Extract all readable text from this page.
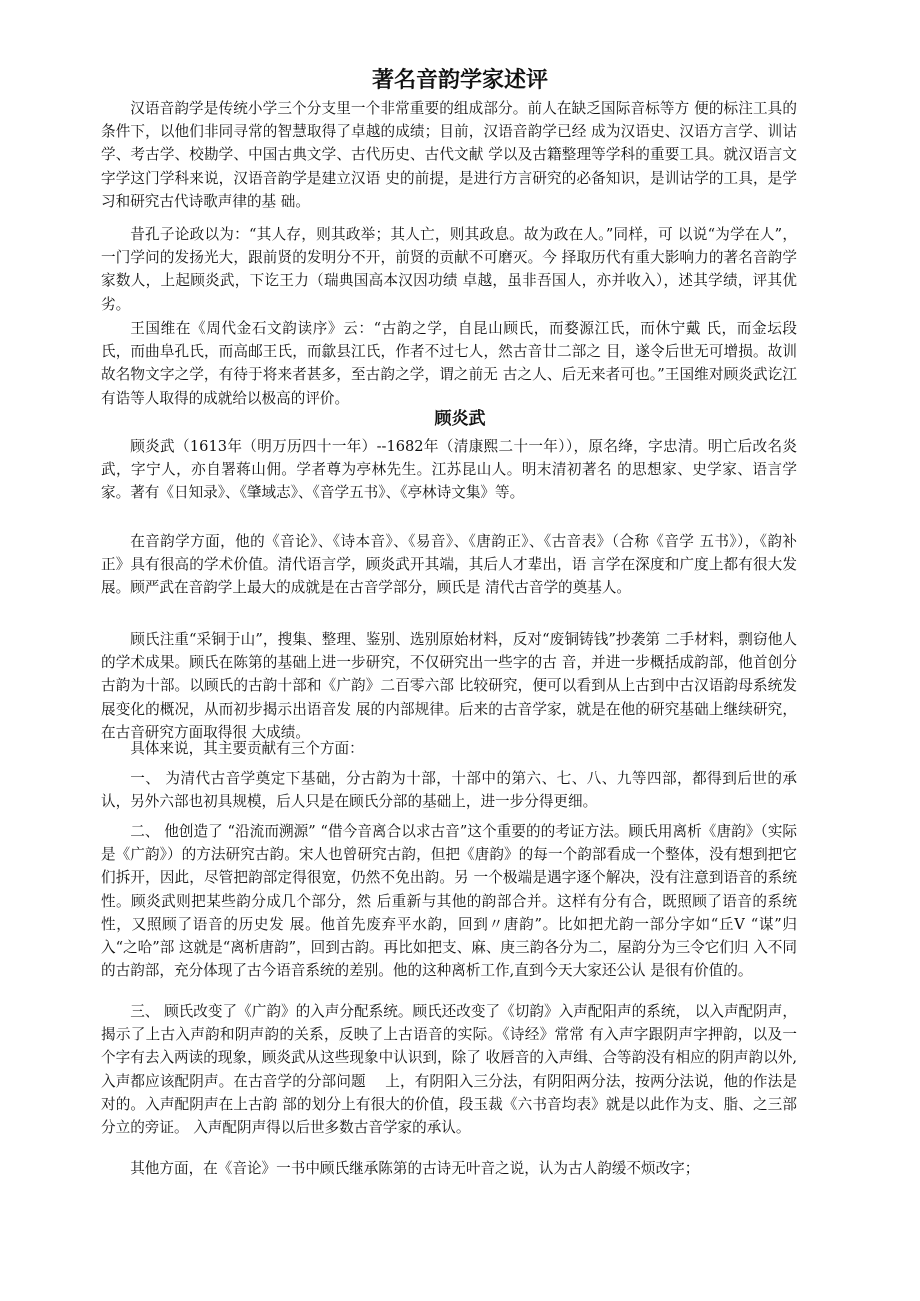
著名音韵学家述评

汉语音韵学是传统小学三个分支里一个非常重要的组成部分。前人在缺乏国际音标等方 便的标注工具的条件下，以他们非同寻常的智慧取得了卓越的成绩；目前，汉语音韵学已经 成为汉语史、汉语方言学、训诂学、考古学、校勘学、中国古典文学、古代历史、古代文献 学以及古籍整理等学科的重要工具。就汉语言文字学这门学科来说，汉语音韵学是建立汉语 史的前提，是进行方言研究的必备知识，是训诂学的工具，是学习和研究古代诗歌声律的基 础。

昔孔子论政以为：“其人存，则其政举；其人亡，则其政息。故为政在人。”同样，可 以说“为学在人”，一门学问的发扬光大，跟前贤的发明分不开，前贤的贡献不可磨灭。今 择取历代有重大影响力的著名音韵学家数人，上起顾炎武，下讫王力（瑞典国高本汉因功绩 卓越，虽非吾国人，亦并收入），述其学绩，评其优劣。

王国维在《周代金石文韵读序》云：“古韵之学，自昆山顾氏，而婺源江氏，而休宁戴 氏，而金坛段氏，而曲阜孔氏，而高邮王氏，而歙县江氏，作者不过七人，然古音廿二部之 目，遂令后世无可增损。故训故名物文字之学，有待于将来者甚多，至古韵之学，谓之前无 古之人、后无来者可也。”王国维对顾炎武讫江有诰等人取得的成就给以极高的评价。

顾炎武

顾炎武（1613年（明万历四十一年）--1682年（清康熙二十一年）），原名绛，字忠清。明亡后改名炎武，字宁人，亦自署蒋山佣。学者尊为亭林先生。江苏昆山人。明末清初著名 的思想家、史学家、语言学家。著有《日知录》、《肇域志》、《音学五书》、《亭林诗文集》等。

在音韵学方面，他的《音论》、《诗本音》、《易音》、《唐韵正》、《古音表》（合称《音学 五书》），《韵补正》具有很高的学术价值。清代语言学，顾炎武开其端，其后人才辈出，语 言学在深度和广度上都有很大发展。顾严武在音韵学上最大的成就是在古音学部分，顾氏是 清代古音学的奠基人。

顾氏注重“采铜于山”，搜集、整理、鉴别、选别原始材料，反对“废铜铸钱”抄袭第 二手材料，剽窃他人的学术成果。顾氏在陈第的基础上进一步研究，不仅研究出一些字的古 音，并进一步概括成韵部，他首创分古韵为十部。以顾氏的古韵十部和《广韵》二百零六部 比较研究，便可以看到从上古到中古汉语韵母系统发展变化的概况，从而初步揭示出语音发 展的内部规律。后来的古音学家，就是在他的研究基础上继续研究，在古音研究方面取得很 大成绩。

具体来说，其主要贡献有三个方面：

一、 为清代古音学奠定下基础，分古韵为十部，十部中的第六、七、八、九等四部，都得到后世的承认，另外六部也初具规模，后人只是在顾氏分部的基础上，进一步分得更细。

二、 他创造了 “沿流而溯源” “借今音离合以求古音”这个重要的的考证方法。顾氏用离析《唐韵》（实际是《广韵》）的方法研究古韵。宋人也曾研究古韵，但把《唐韵》的每一个韵部看成一个整体，没有想到把它们拆开，因此，尽管把韵部定得很宽，仍然不免出韵。另 一个极端是遇字逐个解决，没有注意到语音的系统性。顾炎武则把某些韵分成几个部分，然 后重新与其他的韵部合并。这样有分有合，既照顾了语音的系统性，又照顾了语音的历史发 展。他首先废弃平水韵，回到〃唐韵”。比如把尤韵一部分字如“丘Ⅴ “谋”归入“之哈”部 这就是“离析唐韵”，回到古韵。再比如把支、麻、庚三韵各分为二，屋韵分为三令它们归 入不同的古韵部，充分体现了古今语音系统的差别。他的这种离析工作,直到今天大家还公认 是很有价值的。

三、 顾氏改变了《广韵》的入声分配系统。顾氏还改变了《切韵》入声配阳声的系统， 以入声配阴声，揭示了上古入声韵和阴声韵的关系，反映了上古语音的实际。《诗经》常常 有入声字跟阴声字押韵，以及一个字有去入两读的现象，顾炎武从这些现象中认识到，除了 收唇音的入声缉、合等韵没有相应的阴声韵以外,入声都应该配阴声。在古音学的分部问题　 上，有阴阳入三分法，有阴阳两分法，按两分法说，他的作法是对的。入声配阴声在上古韵 部的划分上有很大的价值，段玉裁《六书音均表》就是以此作为支、脂、之三部分立的旁证。 入声配阴声得以后世多数古音学家的承认。

其他方面，在《音论》一书中顾氏继承陈第的古诗无叶音之说，认为古人韵缓不烦改字；
